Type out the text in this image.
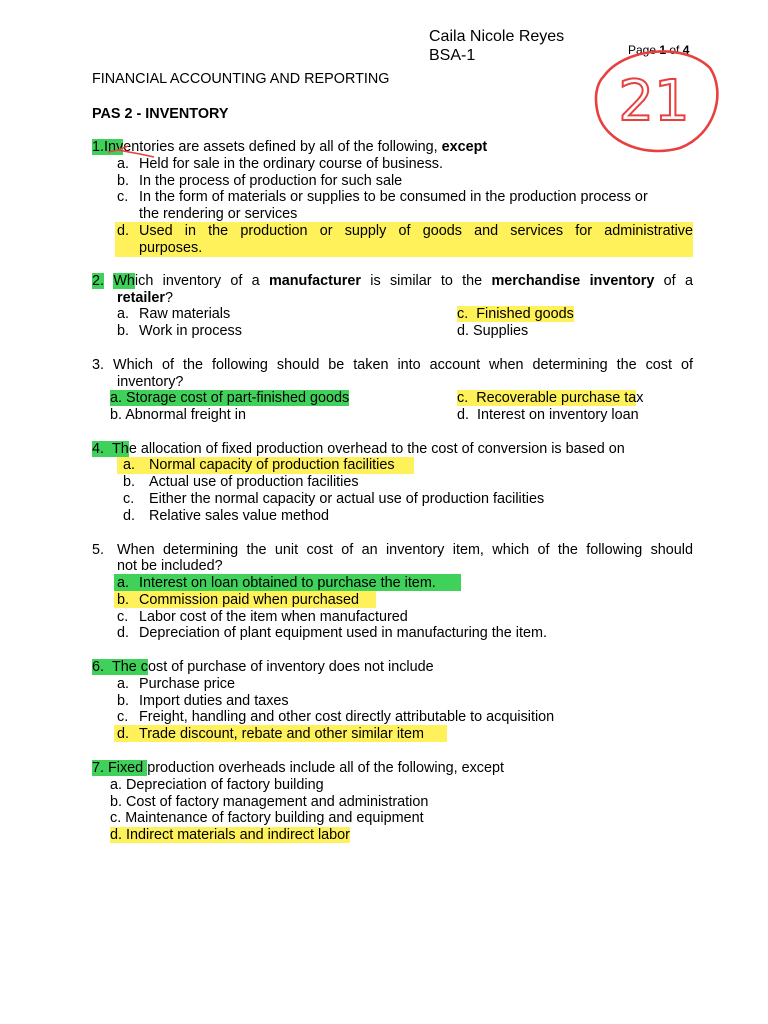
Caila Nicole Reyes
BSA-1	Page 1 of 4
21
FINANCIAL ACCOUNTING AND REPORTING
PAS 2 - INVENTORY
1.Inventories are assets defined by all of the following, except
a. Held for sale in the ordinary course of business.
b. In the process of production for such sale
c. In the form of materials or supplies to be consumed in the production process or
the rendering or services
d. Used in the production or supply of goods and services for administrative
purposes.
2. Which inventory of a manufacturer is similar to the merchandise inventory of a
retailer?
a. Raw materials
b. Work in process
c. Finished goods
d. Supplies
3. Which of the following should be taken into account when determining the cost of
inventory?
a. Storage cost of part-finished goods
b. Abnormal freight in
c. Recoverable purchase tax
d. Interest on inventory loan
4. The allocation of fixed production overhead to the cost of conversion is based on
a. Normal capacity of production facilities
b. Actual use of production facilities
c. Either the normal capacity or actual use of production facilities
d. Relative sales value method
5. When determining the unit cost of an inventory item, which of the following should
not be included?
a. Interest on loan obtained to purchase the item.
b. Commission paid when purchased
c. Labor cost of the item when manufactured
d. Depreciation of plant equipment used in manufacturing the item.
6. The cost of purchase of inventory does not include
a. Purchase price
b. Import duties and taxes
c. Freight, handling and other cost directly attributable to acquisition
d. Trade discount, rebate and other similar item
7. Fixed production overheads include all of the following, except
a. Depreciation of factory building
b. Cost of factory management and administration
c. Maintenance of factory building and equipment
d. Indirect materials and indirect labor
